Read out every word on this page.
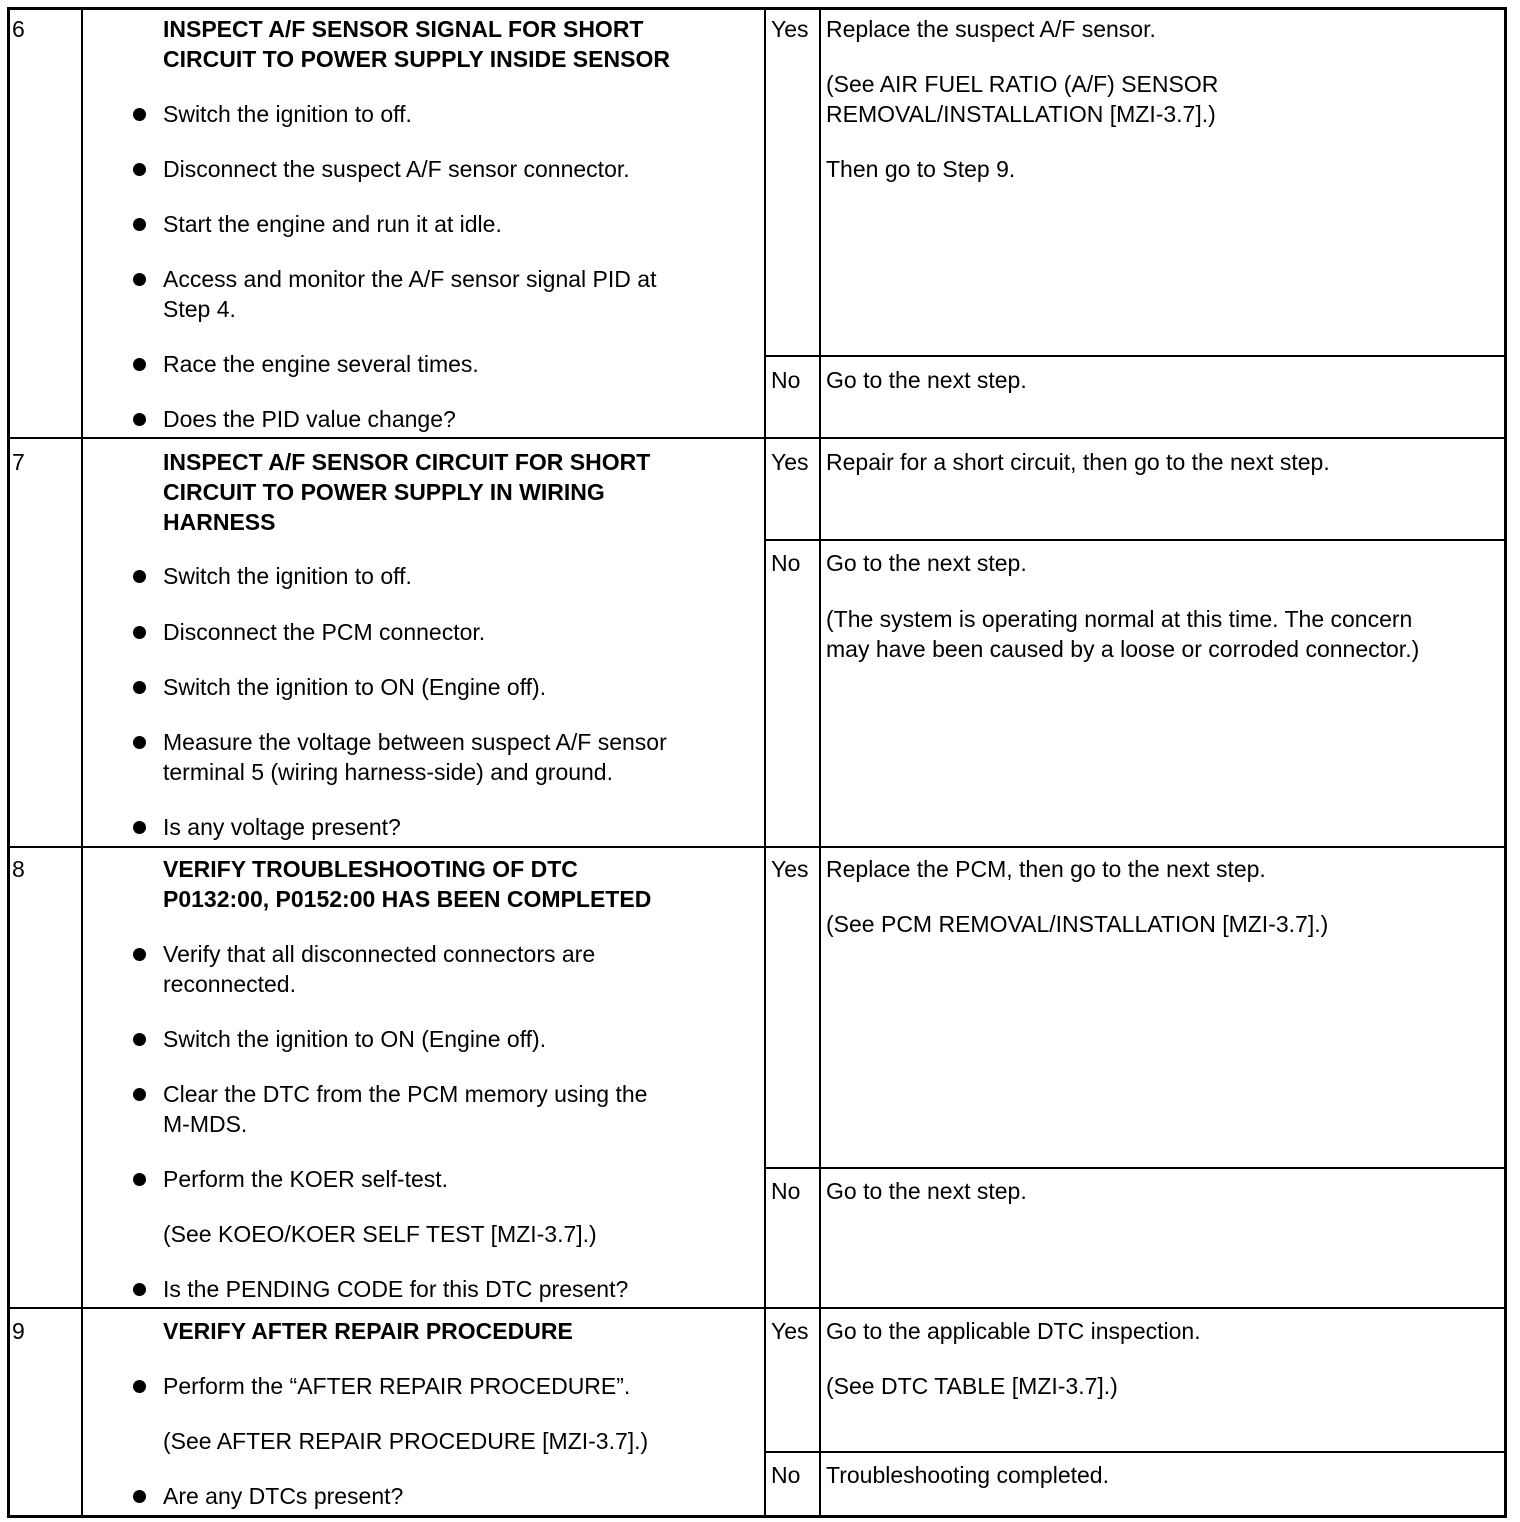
6	INSPECT A/F SENSOR SIGNAL FOR SHORT
CIRCUIT TO POWER SUPPLY INSIDE SENSOR
Switch the ignition to off.
Disconnect the suspect A/F sensor connector.
Start the engine and run it at idle.
Access and monitor the A/F sensor signal PID at
Step 4.
Race the engine several times.
Does the PID value change?
Yes Replace the suspect A/F sensor.
(See AIR FUEL RATIO (A/F) SENSOR
REMOVAL/INSTALLATION [MZI-3.7].)
Then go to Step 9.
No Go to the next step.
7	INSPECT A/F SENSOR CIRCUIT FOR SHORT
CIRCUIT TO POWER SUPPLY IN WIRING
HARNESS
Switch the ignition to off.
Disconnect the PCM connector.
Switch the ignition to ON (Engine off).
Measure the voltage between suspect A/F sensor
terminal 5 (wiring harness-side) and ground.
Is any voltage present?
Yes Repair for a short circuit, then go to the next step.
No Go to the next step.
(The system is operating normal at this time. The concern
may have been caused by a loose or corroded connector.)
8	VERIFY TROUBLESHOOTING OF DTC
P0132:00, P0152:00 HAS BEEN COMPLETED
Verify that all disconnected connectors are
reconnected.
Switch the ignition to ON (Engine off).
Clear the DTC from the PCM memory using the
M-MDS.
Perform the KOER self-test.
(See KOEO/KOER SELF TEST [MZI-3.7].)
Is the PENDING CODE for this DTC present?
Yes Replace the PCM, then go to the next step.
(See PCM REMOVAL/INSTALLATION [MZI-3.7].)
No Go to the next step.
9	VERIFY AFTER REPAIR PROCEDURE
Perform the “AFTER REPAIR PROCEDURE”.
(See AFTER REPAIR PROCEDURE [MZI-3.7].)
Are any DTCs present?
Yes Go to the applicable DTC inspection.
(See DTC TABLE [MZI-3.7].)
No Troubleshooting completed.
